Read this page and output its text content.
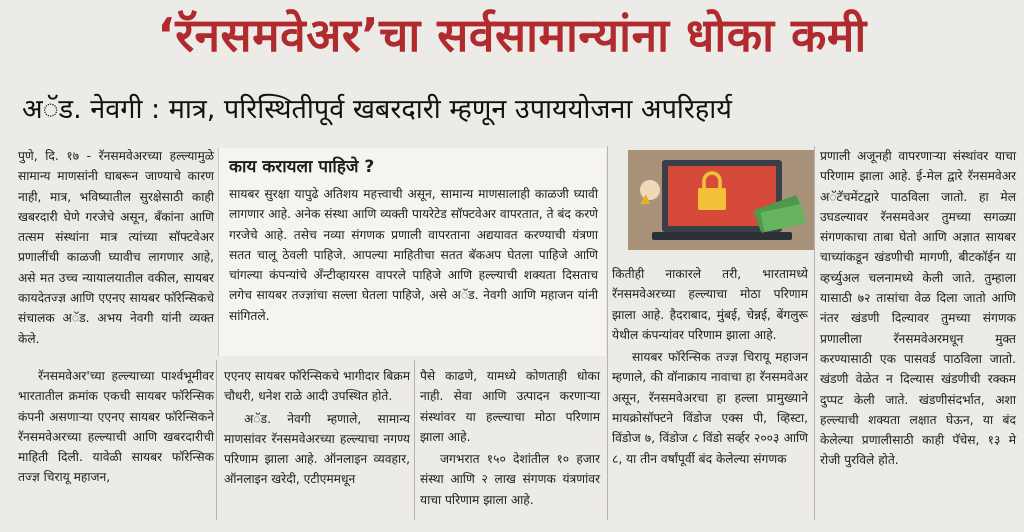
‘रॅनसमवेअर’चा सर्वसामान्यांना धोका कमी
अॅड. नेवगी : मात्र, परिस्थितीपूर्व खबरदारी म्हणून उपाययोजना अपरिहार्य

पुणे, दि. १७ - रॅनसमवेअरच्या हल्ल्यामुळे सामान्य माणसांनी घाबरून जाण्याचे कारण नाही, मात्र, भविष्यातील सुरक्षेसाठी काही खबरदारी घेणे गरजेचे असून, बँकांना आणि तत्सम संस्थांना मात्र त्यांच्या सॉफ्टवेअर प्रणालींची काळजी घ्यावीच लागणार आहे, असे मत उच्च न्यायालयातील वकील, सायबर कायदेतज्ज्ञ आणि एएनए सायबर फॉरेन्सिकचे संचालक अॅड. अभय नेवगी यांनी व्यक्त केले.

रॅनसमवेअर'च्या हल्ल्याच्या पार्श्वभूमीवर भारतातील क्रमांक एकची सायबर फॉरेन्सिक कंपनी असणाऱ्या एएनए सायबर फॉरेन्सिकने रॅनसमवेअरच्या हल्ल्याची आणि खबरदारीची माहिती दिली. यावेळी सायबर फॉरेन्सिक तज्ज्ञ चिरायू महाजन,

काय करायला पाहिजे ?
सायबर सुरक्षा यापुढे अतिशय महत्त्वाची असून, सामान्य माणसालाही काळजी घ्यावी लागणार आहे. अनेक संस्था आणि व्यक्ती पायरेटेड सॉफ्टवेअर वापरतात, ते बंद करणे गरजेचे आहे. तसेच नव्या संगणक प्रणाली वापरताना अद्ययावत करण्याची यंत्रणा सतत चालू ठेवली पाहिजे. आपल्या माहितीचा सतत बॅकअप घेतला पाहिजे आणि चांगल्या कंपन्यांचे अँन्टीव्हायरस वापरले पाहिजे आणि हल्ल्याची शक्यता दिसताच लगेच सायबर तज्ज्ञांचा सल्ला घेतला पाहिजे, असे अॅड. नेवगी आणि महाजन यांनी सांगितले.

एएनए सायबर फॉरेन्सिकचे भागीदार बिक्रम चौधरी, धनेश राळे आदी उपस्थित होते.

अॅड. नेवगी म्हणाले, सामान्य माणसांवर रॅनसमवेअरच्या हल्ल्याचा नगण्य परिणाम झाला आहे. ऑनलाइन व्यवहार, ऑनलाइन खरेदी, एटीएममधून

पैसे काढणे, यामध्ये कोणताही धोका नाही. सेवा आणि उत्पादन करणाऱ्या संस्थांवर या हल्ल्याचा मोठा परिणाम झाला आहे.

जगभरात १५० देशांतील १० हजार संस्था आणि २ लाख संगणक यंत्रणांवर याचा परिणाम झाला आहे.

कितीही नाकारले तरी, भारतामध्ये रॅनसमवेअरच्या हल्ल्याचा मोठा परिणाम झाला आहे. हैदराबाद, मुंबई, चेन्नई, बेंगलुरू येथील कंपन्यांवर परिणाम झाला आहे.

सायबर फॉरेन्सिक तज्ज्ञ चिरायू महाजन म्हणाले, की वॉनाक्राय नावाचा हा रॅनसमवेअर असून, रॅनसमवेअरचा हा हल्ला प्रामुख्याने मायक्रोसॉफ्टने विंडोज एक्स पी, व्हिस्टा, विंडोज ७, विंडोज ८ विंडो सर्व्हर २००३ आणि ८, या तीन वर्षांपूर्वी बंद केलेल्या संगणक

प्रणाली अजूनही वापरणाऱ्या संस्थांवर याचा परिणाम झाला आहे. ई-मेल द्वारे रॅनसमवेअर अॅटॅचमेंटद्वारे पाठविला जातो. हा मेल उघडल्यावर रॅनसमवेअर तुमच्या सगळ्या संगणकाचा ताबा घेतो आणि अज्ञात सायबर चाच्यांकडून खंडणीची मागणी, बीटकॉईन या व्हर्च्युअल चलनामध्ये केली जाते. तुम्हाला यासाठी ७२ तासांचा वेळ दिला जातो आणि नंतर खंडणी दिल्यावर तुमच्या संगणक प्रणालीला रॅनसमवेअरमधून मुक्त करण्यासाठी एक पासवर्ड पाठविला जातो. खंडणी वेळेत न दिल्यास खंडणीची रक्कम दुप्पट केली जाते. खंडणीसंदर्भात, अशा हल्ल्याची शक्यता लक्षात घेऊन, या बंद केलेल्या प्रणालीसाठी काही पॅचेस, १३ मे रोजी पुरविले होते.
